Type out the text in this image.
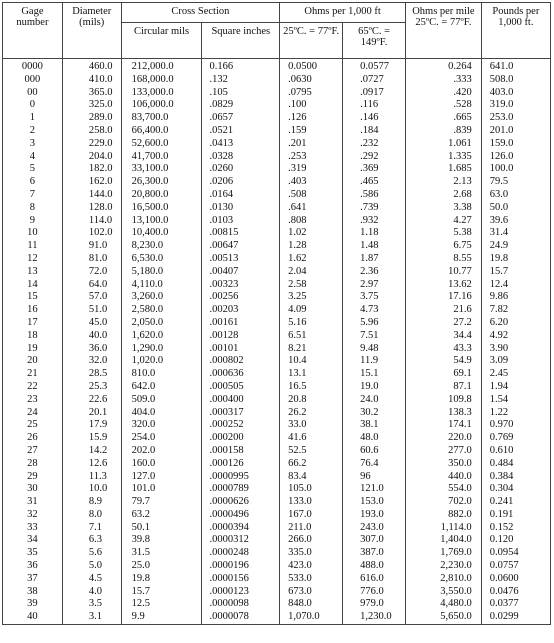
Gage number	Diameter (mils)	Cross Section		Ohms per 1,000 ft		Ohms per mile 25ºC. = 77ºF.	Pounds per 1,000 ft.
		Circular mils	Square inches	25ºC. = 77ºF.	65ºC. = 149ºF.		
0000	460.0	212,000.0	0.166	0.0500	0.0577	0.264	641.0
000	410.0	168,000.0	.132	.0630	.0727	.333	508.0
00	365.0	133,000.0	.105	.0795	.0917	.420	403.0
0	325.0	106,000.0	.0829	.100	.116	.528	319.0
1	289.0	83,700.0	.0657	.126	.146	.665	253.0
2	258.0	66,400.0	.0521	.159	.184	.839	201.0
3	229.0	52,600.0	.0413	.201	.232	1.061	159.0
4	204.0	41,700.0	.0328	.253	.292	1.335	126.0
5	182.0	33,100.0	.0260	.319	.369	1.685	100.0
6	162.0	26,300.0	.0206	.403	.465	2.13	79.5
7	144.0	20,800.0	.0164	.508	.586	2.68	63.0
8	128.0	16,500.0	.0130	.641	.739	3.38	50.0
9	114.0	13,100.0	.0103	.808	.932	4.27	39.6
10	102.0	10,400.0	.00815	1.02	1.18	5.38	31.4
11	91.0	8,230.0	.00647	1.28	1.48	6.75	24.9
12	81.0	6,530.0	.00513	1.62	1.87	8.55	19.8
13	72.0	5,180.0	.00407	2.04	2.36	10.77	15.7
14	64.0	4,110.0	.00323	2.58	2.97	13.62	12.4
15	57.0	3,260.0	.00256	3.25	3.75	17.16	9.86
16	51.0	2,580.0	.00203	4.09	4.73	21.6	7.82
17	45.0	2,050.0	.00161	5.16	5.96	27.2	6.20
18	40.0	1,620.0	.00128	6.51	7.51	34.4	4.92
19	36.0	1,290.0	.00101	8.21	9.48	43.3	3.90
20	32.0	1,020.0	.000802	10.4	11.9	54.9	3.09
21	28.5	810.0	.000636	13.1	15.1	69.1	2.45
22	25.3	642.0	.000505	16.5	19.0	87.1	1.94
23	22.6	509.0	.000400	20.8	24.0	109.8	1.54
24	20.1	404.0	.000317	26.2	30.2	138.3	1.22
25	17.9	320.0	.000252	33.0	38.1	174.1	0.970
26	15.9	254.0	.000200	41.6	48.0	220.0	0.769
27	14.2	202.0	.000158	52.5	60.6	277.0	0.610
28	12.6	160.0	.000126	66.2	76.4	350.0	0.484
29	11.3	127.0	.0000995	83.4	96	440.0	0.384
30	10.0	101.0	.0000789	105.0	121.0	554.0	0.304
31	8.9	79.7	.0000626	133.0	153.0	702.0	0.241
32	8.0	63.2	.0000496	167.0	193.0	882.0	0.191
33	7.1	50.1	.0000394	211.0	243.0	1,114.0	0.152
34	6.3	39.8	.0000312	266.0	307.0	1,404.0	0.120
35	5.6	31.5	.0000248	335.0	387.0	1,769.0	0.0954
36	5.0	25.0	.0000196	423.0	488.0	2,230.0	0.0757
37	4.5	19.8	.0000156	533.0	616.0	2,810.0	0.0600
38	4.0	15.7	.0000123	673.0	776.0	3,550.0	0.0476
39	3.5	12.5	.0000098	848.0	979.0	4,480.0	0.0377
40	3.1	9.9	.0000078	1,070.0	1,230.0	5,650.0	0.0299
